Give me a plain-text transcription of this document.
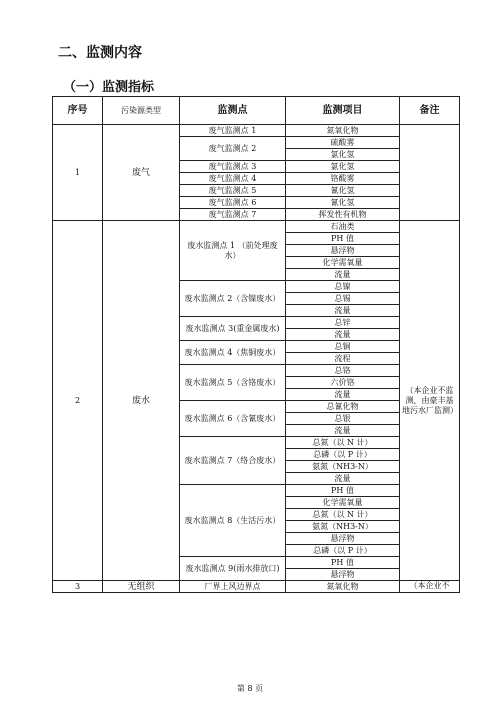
二、监测内容
（一）监测指标
序号	污染源类型	监测点	监测项目	备注
1	废气	废气监测点 1	氮氧化物	
		废气监测点 2	硫酸雾	
			氯化氢	
		废气监测点 3	氯化氢	
		废气监测点 4	铬酸雾	
		废气监测点 5	氰化氢	
		废气监测点 6	氰化氢	
		废气监测点 7	挥发性有机物	
2	废水	废水监测点 1 （前处理废水）	石油类	（本企业不监测，由豪丰基地污水厂监测）
			PH 值	
			悬浮物	
			化学需氧量	
			流量	
		废水监测点 2（含镍废水）	总镍	
			总锡	
			流量	
		废水监测点 3(重金属废水)	总锌	
			流量	
		废水监测点 4（焦铜废水）	总铜	
			流程	
		废水监测点 5（含铬废水）	总铬	
			六价铬	
			流量	
		废水监测点 6（含氰废水）	总氰化物	
			总银	
			流量	
		废水监测点 7（络合废水）	总氮（以 N 计）	
			总磷（以 P 计）	
			氨氮（NH3-N）	
			流量	
		废水监测点 8（生活污水）	PH 值	
			化学需氧量	
			总氮（以 N 计）	
			氨氮（NH3-N）	
			悬浮物	
			总磷（以 P 计）	
		废水监测点 9(雨水排放口)	PH 值	
			悬浮物	
3	无组织	厂界上风边界点	氮氧化物	（本企业不
第 8 页
